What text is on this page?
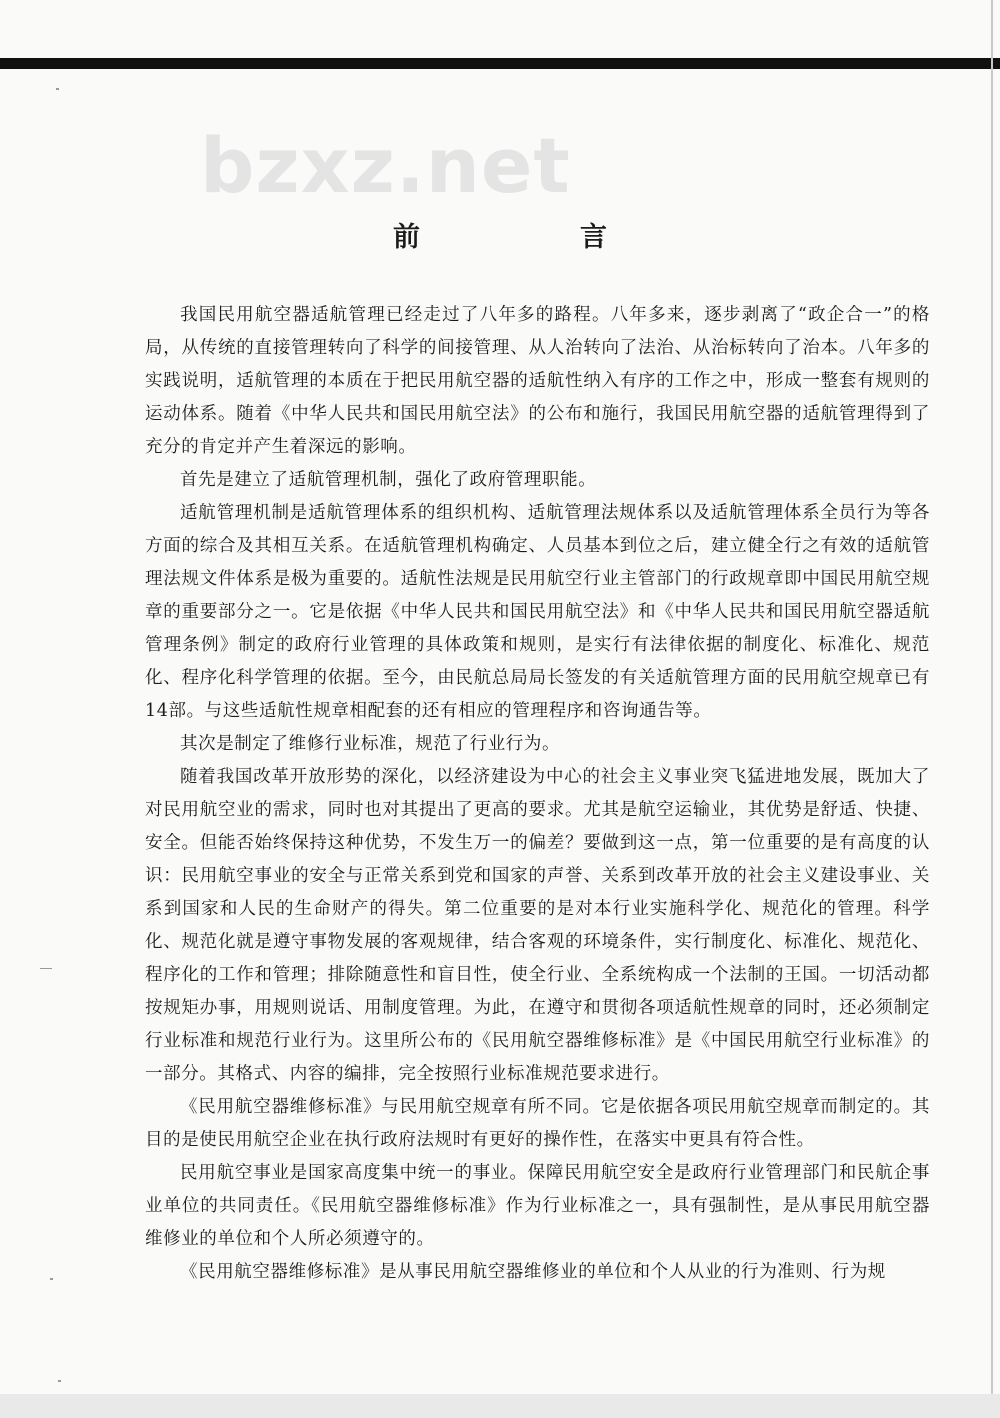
bzxz.net
前	言

我国民用航空器适航管理已经走过了八年多的路程。八年多来，逐步剥离了“政企合一”的格局，从传统的直接管理转向了科学的间接管理、从人治转向了法治、从治标转向了治本。八年多的实践说明，适航管理的本质在于把民用航空器的适航性纳入有序的工作之中，形成一整套有规则的运动体系。随着《中华人民共和国民用航空法》的公布和施行，我国民用航空器的适航管理得到了充分的肯定并产生着深远的影响。

首先是建立了适航管理机制，强化了政府管理职能。

适航管理机制是适航管理体系的组织机构、适航管理法规体系以及适航管理体系全员行为等各方面的综合及其相互关系。在适航管理机构确定、人员基本到位之后，建立健全行之有效的适航管理法规文件体系是极为重要的。适航性法规是民用航空行业主管部门的行政规章即中国民用航空规章的重要部分之一。它是依据《中华人民共和国民用航空法》和《中华人民共和国民用航空器适航管理条例》制定的政府行业管理的具体政策和规则，是实行有法律依据的制度化、标准化、规范化、程序化科学管理的依据。至今，由民航总局局长签发的有关适航管理方面的民用航空规章已有14部。与这些适航性规章相配套的还有相应的管理程序和咨询通告等。

其次是制定了维修行业标准，规范了行业行为。

随着我国改革开放形势的深化，以经济建设为中心的社会主义事业突飞猛进地发展，既加大了对民用航空业的需求，同时也对其提出了更高的要求。尤其是航空运输业，其优势是舒适、快捷、安全。但能否始终保持这种优势，不发生万一的偏差？要做到这一点，第一位重要的是有高度的认识：民用航空事业的安全与正常关系到党和国家的声誉、关系到改革开放的社会主义建设事业、关系到国家和人民的生命财产的得失。第二位重要的是对本行业实施科学化、规范化的管理。科学化、规范化就是遵守事物发展的客观规律，结合客观的环境条件，实行制度化、标准化、规范化、程序化的工作和管理；排除随意性和盲目性，使全行业、全系统构成一个法制的王国。一切活动都按规矩办事，用规则说话、用制度管理。为此，在遵守和贯彻各项适航性规章的同时，还必须制定行业标准和规范行业行为。这里所公布的《民用航空器维修标准》是《中国民用航空行业标准》的一部分。其格式、内容的编排，完全按照行业标准规范要求进行。

《民用航空器维修标准》与民用航空规章有所不同。它是依据各项民用航空规章而制定的。其目的是使民用航空企业在执行政府法规时有更好的操作性，在落实中更具有符合性。

民用航空事业是国家高度集中统一的事业。保障民用航空安全是政府行业管理部门和民航企事业单位的共同责任。《民用航空器维修标准》作为行业标准之一，具有强制性，是从事民用航空器维修业的单位和个人所必须遵守的。

《民用航空器维修标准》是从事民用航空器维修业的单位和个人从业的行为准则、行为规
